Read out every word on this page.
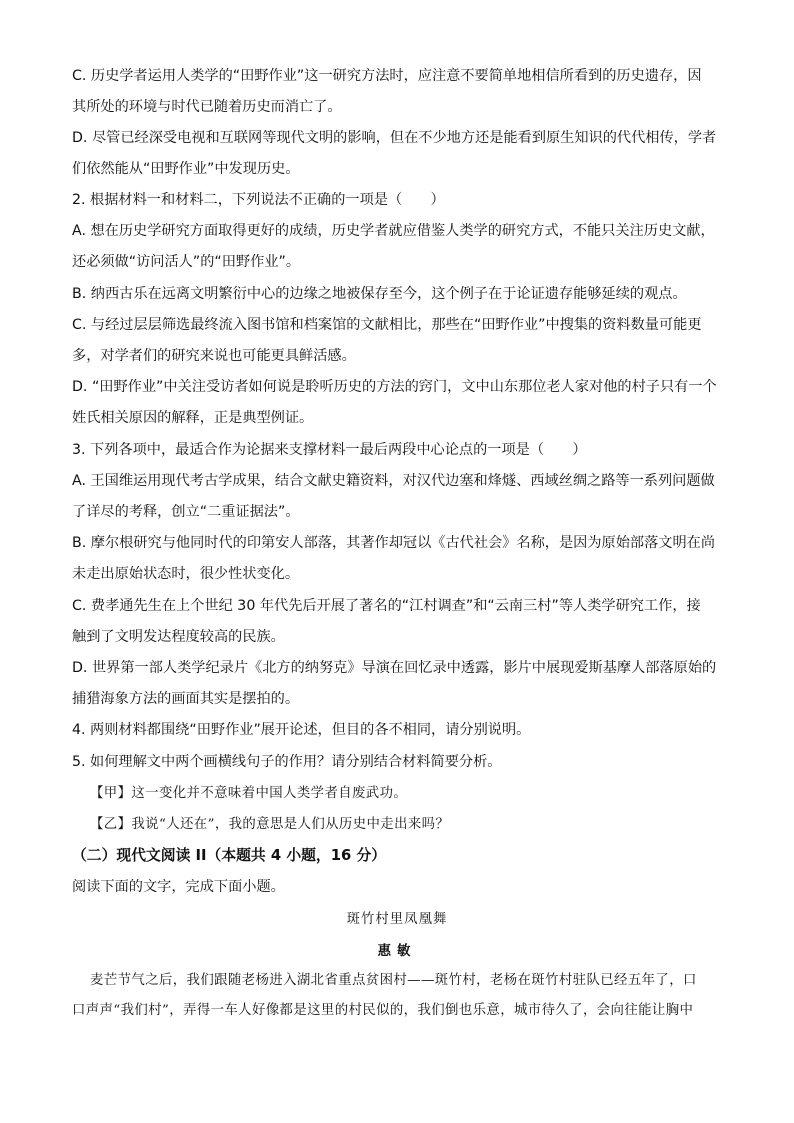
C. 历史学者运用人类学的“田野作业”这一研究方法时，应注意不要简单地相信所看到的历史遗存，因
其所处的环境与时代已随着历史而消亡了。
D. 尽管已经深受电视和互联网等现代文明的影响，但在不少地方还是能看到原生知识的代代相传，学者
们依然能从“田野作业”中发现历史。
2. 根据材料一和材料二，下列说法不正确的一项是（　　）
A. 想在历史学研究方面取得更好的成绩，历史学者就应借鉴人类学的研究方式，不能只关注历史文献，
还必须做“访问活人”的“田野作业”。
B. 纳西古乐在远离文明繁衍中心的边缘之地被保存至今，这个例子在于论证遗存能够延续的观点。
C. 与经过层层筛选最终流入图书馆和档案馆的文献相比，那些在“田野作业”中搜集的资料数量可能更
多，对学者们的研究来说也可能更具鲜活感。
D. “田野作业”中关注受访者如何说是聆听历史的方法的窍门，文中山东那位老人家对他的村子只有一个
姓氏相关原因的解释，正是典型例证。
3. 下列各项中，最适合作为论据来支撑材料一最后两段中心论点的一项是（　　）
A. 王国维运用现代考古学成果，结合文献史籍资料，对汉代边塞和烽燧、西域丝绸之路等一系列问题做
了详尽的考释，创立“二重证据法”。
B. 摩尔根研究与他同时代的印第安人部落，其著作却冠以《古代社会》名称，是因为原始部落文明在尚
未走出原始状态时，很少性状变化。
C. 费孝通先生在上个世纪 30 年代先后开展了著名的“江村调查”和“云南三村”等人类学研究工作，接
触到了文明发达程度较高的民族。
D. 世界第一部人类学纪录片《北方的纳努克》导演在回忆录中透露，影片中展现爱斯基摩人部落原始的
捕猎海象方法的画面其实是摆拍的。
4. 两则材料都围绕“田野作业”展开论述，但目的各不相同，请分别说明。
5. 如何理解文中两个画横线句子的作用？请分别结合材料简要分析。
【甲】这一变化并不意味着中国人类学者自废武功。
【乙】我说“人还在”，我的意思是人们从历史中走出来吗？
（二）现代文阅读 II（本题共 4 小题，16 分）
阅读下面的文字，完成下面小题。
斑竹村里凤凰舞
惠敏
麦芒节气之后，我们跟随老杨进入湖北省重点贫困村——斑竹村，老杨在斑竹村驻队已经五年了，口
口声声“我们村”，弄得一车人好像都是这里的村民似的，我们倒也乐意，城市待久了，会向往能让胸中
